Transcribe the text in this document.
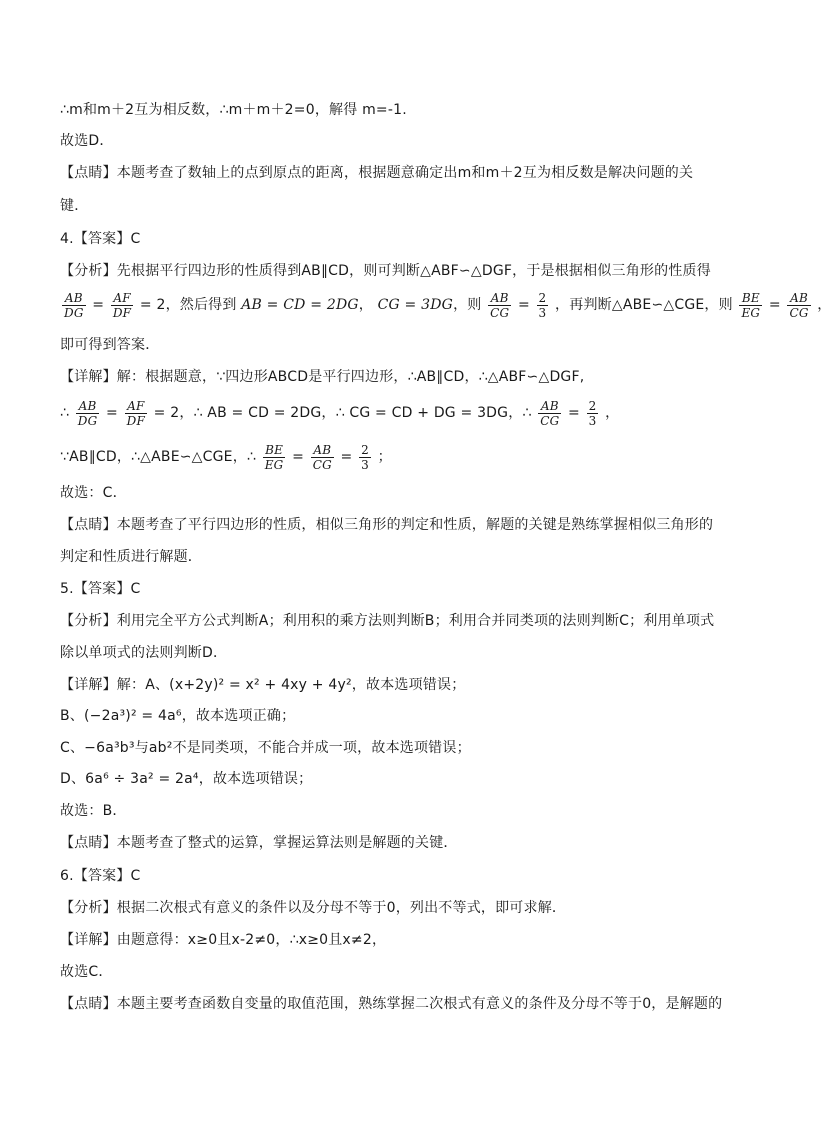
∴m和m＋2互为相反数，∴m＋m＋2=0，解得 m=-1.
故选D．
【点睛】本题考查了数轴上的点到原点的距离，根据题意确定出m和m＋2互为相反数是解决问题的关
键．
4.【答案】C
【分析】先根据平行四边形的性质得到AB∥CD，则可判断△ABF∽△DGF，于是根据相似三角形的性质得
$\frac{AB}{DG} = \frac{AF}{DF} = 2$，然后得到 AB = CD = 2DG， CG = 3DG，则 $\frac{AB}{CG} = \frac{2}{3}$ ，再判断△ABE∽△CGE，则 $\frac{BE}{EG} = \frac{AB}{CG}$ ，
即可得到答案．
【详解】解：根据题意，∵四边形ABCD是平行四边形，∴AB∥CD，∴△ABF∽△DGF,
∴ $\frac{AB}{DG} = \frac{AF}{DF} = 2$，∴ AB = CD = 2DG，∴ CG = CD + DG = 3DG，∴ $\frac{AB}{CG} = \frac{2}{3}$ ，
∵AB∥CD，∴△ABE∽△CGE，∴ $\frac{BE}{EG} = \frac{AB}{CG} = \frac{2}{3}$ ；
故选：C．
【点睛】本题考查了平行四边形的性质，相似三角形的判定和性质，解题的关键是熟练掌握相似三角形的
判定和性质进行解题．
5.【答案】C
【分析】利用完全平方公式判断A；利用积的乘方法则判断B；利用合并同类项的法则判断C；利用单项式
除以单项式的法则判断D．
【详解】解：A、(x+2y)² = x² + 4xy + 4y²，故本选项错误；
B、(−2a³)² = 4a⁶，故本选项正确；
C、−6a³b³与ab²不是同类项，不能合并成一项，故本选项错误；
D、6a⁶ ÷ 3a² = 2a⁴，故本选项错误；
故选：B．
【点睛】本题考查了整式的运算，掌握运算法则是解题的关键．
6.【答案】C
【分析】根据二次根式有意义的条件以及分母不等于0，列出不等式，即可求解．
【详解】由题意得：x≥0且x-2≠0，∴x≥0且x≠2，
故选C．
【点睛】本题主要考查函数自变量的取值范围，熟练掌握二次根式有意义的条件及分母不等于0，是解题的
